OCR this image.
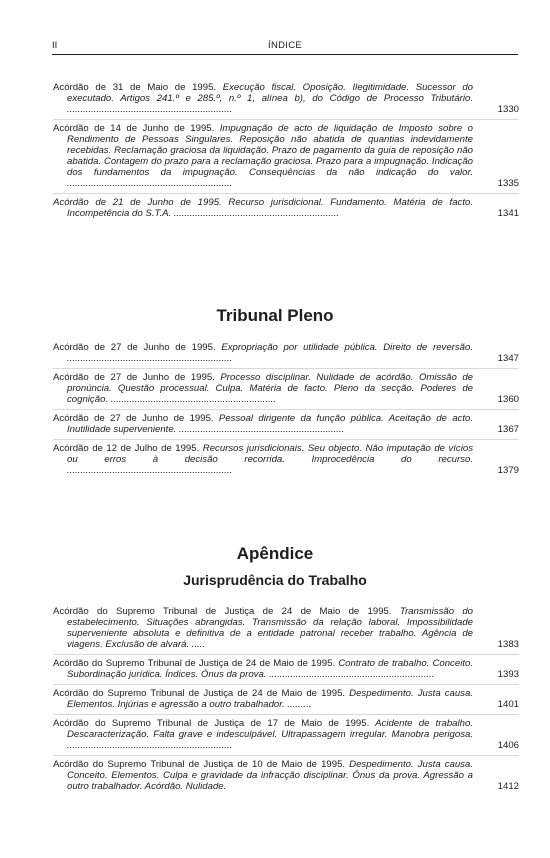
II	ÍNDICE
Acórdão de 31 de Maio de 1995. Execução fiscal. Oposição. Ilegitimidade. Sucessor do executado. Artigos 241.º e 285.º, n.º 1, alínea b), do Código de Processo Tributário. ..............................................................	1330
Acórdão de 14 de Junho de 1995. Impugnação de acto de liquidação de Imposto sobre o Rendimento de Pessoas Singulares. Reposição não abatida de quantias indevidamente recebidas. Reclamação graciosa da liquidação. Prazo de pagamento da guia de reposição não abatida. Contagem do prazo para a reclamação graciosa. Prazo para a impugnação. Indicação dos fundamentos da impugnação. Consequências da não indicação do valor. ..............................................................	1335
Acórdão de 21 de Junho de 1995. Recurso jurisdicional. Fundamento. Matéria de facto. Incompetência do S.T.A. ..............................................................	1341
Tribunal Pleno
Acórdão de 27 de Junho de 1995. Expropriação por utilidade pública. Direito de reversão. ..............................................................	1347
Acórdão de 27 de Junho de 1995. Processo disciplinar. Nulidade de acórdão. Omissão de pronúncia. Questão processual. Culpa. Matéria de facto. Pleno da secção. Poderes de cognição. ..............................................................	1360
Acórdão de 27 de Junho de 1995. Pessoal dirigente da função pública. Aceitação de acto. Inutilidade superveniente. ..............................................................	1367
Acórdão de 12 de Julho de 1995. Recursos jurisdicionais. Seu objecto. Não imputação de vícios ou erros à decisão recorrida. Improcedência do recurso. ..............................................................	1379
Apêndice
Jurisprudência do Trabalho
Acórdão do Supremo Tribunal de Justiça de 24 de Maio de 1995. Transmissão do estabelecimento. Situações abrangidas. Transmissão da relação laboral. Impossibilidade superveniente absoluta e definitiva de a entidade patronal receber trabalho. Agência de viagens. Exclusão de alvará. .....	1383
Acórdão do Supremo Tribunal de Justiça de 24 de Maio de 1995. Contrato de trabalho. Conceito. Subordinação jurídica. Índices. Ónus da prova. ..............................................................	1393
Acórdão do Supremo Tribunal de Justiça de 24 de Maio de 1995. Despedimento. Justa causa. Elementos. Injúrias e agressão a outro trabalhador. .........	1401
Acórdão do Supremo Tribunal de Justiça de 17 de Maio de 1995. Acidente de trabalho. Descaracterização. Falta grave e indesculpável. Ultrapassagem irregular. Manobra perigosa. ..............................................................	1406
Acórdão do Supremo Tribunal de Justiça de 10 de Maio de 1995. Despedimento. Justa causa. Conceito. Elementos. Culpa e gravidade da infracção disciplinar. Ónus da prova. Agressão a outro trabalhador. Acórdão. Nulidade.	1412
